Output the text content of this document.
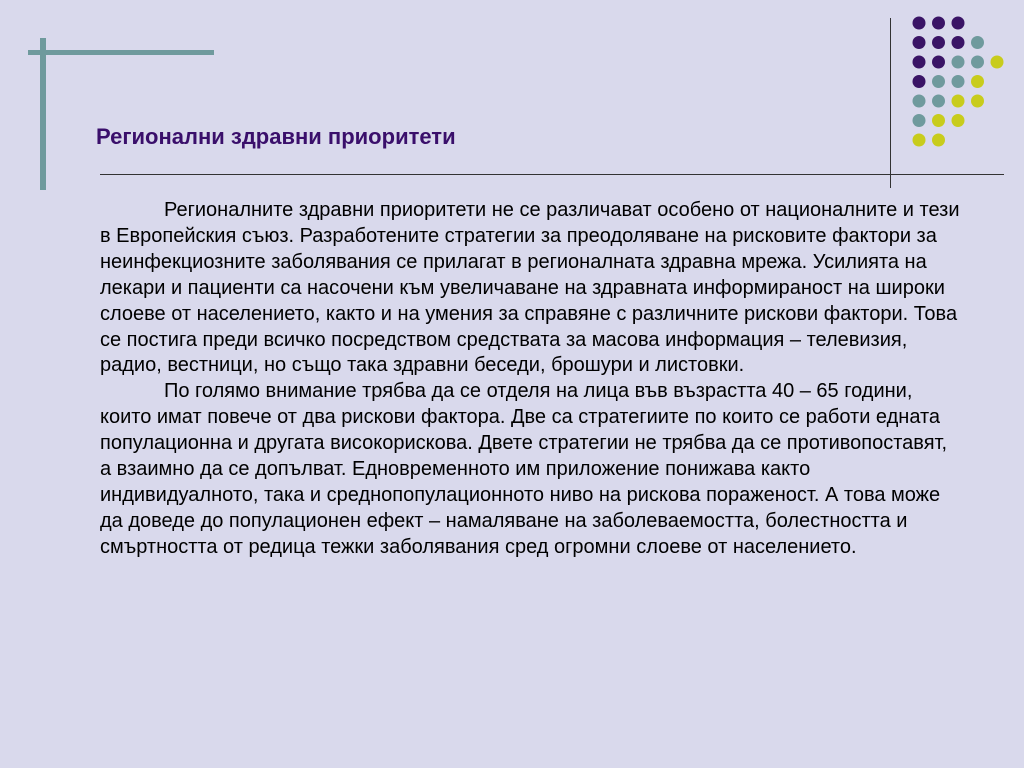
Регионални здравни приоритети

Регионалните здравни приоритети не се различават особено от националните и тези в Европейския съюз. Разработените стратегии за преодоляване на рисковите фактори за неинфекциозните заболявания се прилагат в регионалната здравна мрежа. Усилията на лекари и пациенти са насочени към увеличаване на здравната информираност на широки слоеве от населението, както и на умения за справяне с различните рискови фактори. Това се постига преди всичко посредством средствата за масова информация – телевизия, радио, вестници, но също така здравни беседи, брошури и листовки.

По голямо внимание трябва да се отделя на лица във възрастта 40 – 65 години, които имат повече от два рискови фактора. Две са стратегиите по които се работи едната популационна и другата високорискова. Двете стратегии не трябва да се противопоставят, а взаимно да се допълват. Едновременното им приложение понижава както индивидуалното, така и среднопопулационното ниво на рискова пораженост. А това може да доведе до популационен ефект – намаляване на заболеваемостта, болестността и смъртността от редица тежки заболявания сред огромни слоеве от населението.
